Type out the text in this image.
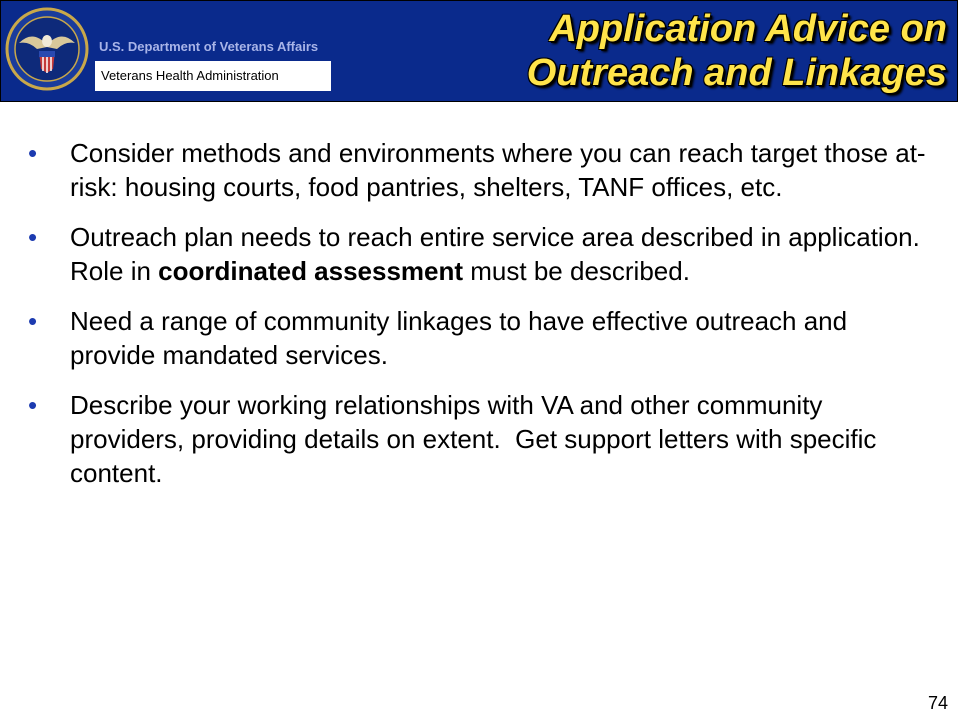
U.S. Department of Veterans Affairs
Veterans Health Administration
Application Advice on
Outreach and Linkages
• Consider methods and environments where you can reach target those at-risk: housing courts, food pantries, shelters, TANF offices, etc.
• Outreach plan needs to reach entire service area described in application.  Role in coordinated assessment must be described.
• Need a range of community linkages to have effective outreach and provide mandated services.
• Describe your working relationships with VA and other community providers, providing details on extent.  Get support letters with specific content.
74
